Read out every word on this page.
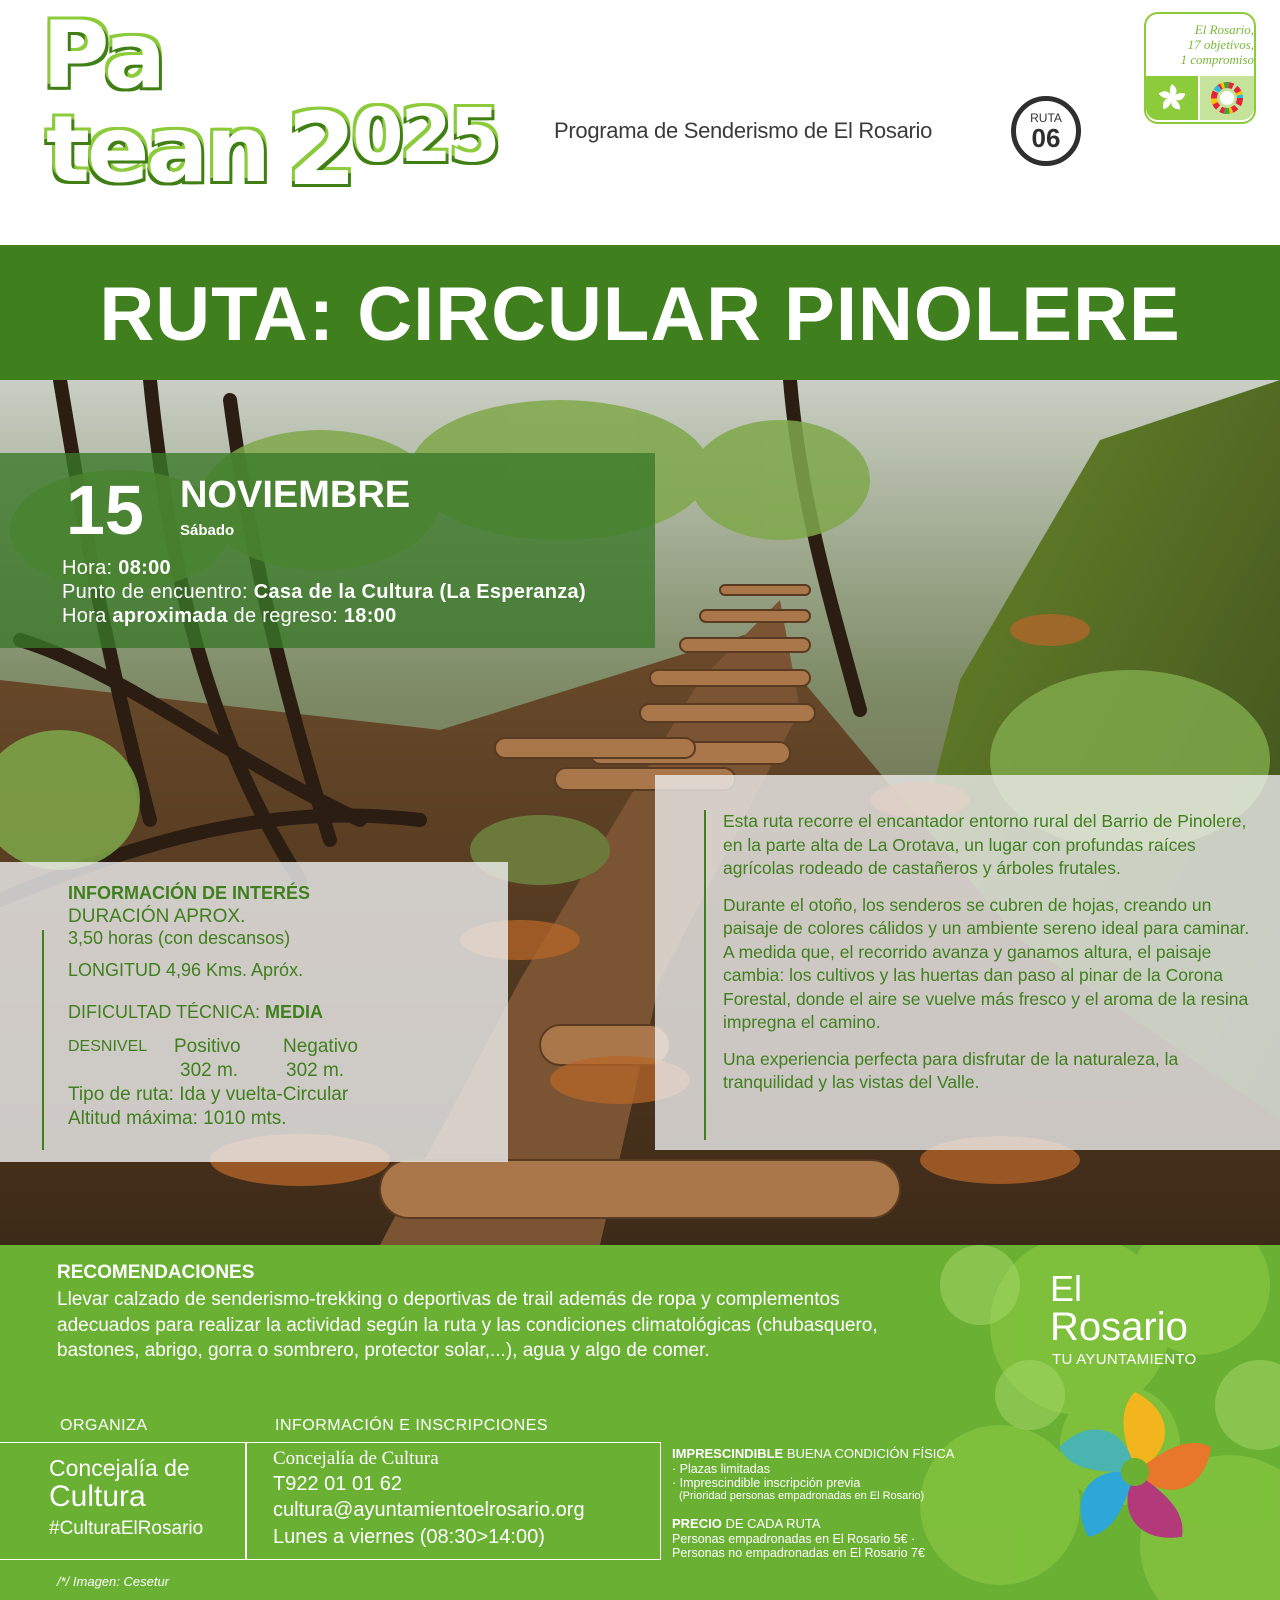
Pa
tean 2 025	Programa de Senderismo de El Rosario	RUTA
06
El Rosario,
17 objetivos,
1 compromiso
RUTA: CIRCULAR PINOLERE
15 NOVIEMBRE
Sábado
Hora: 08:00
Punto de encuentro: Casa de la Cultura (La Esperanza)
Hora aproximada de regreso: 18:00
INFORMACIÓN DE INTERÉS
DURACIÓN APROX.
3,50 horas (con descansos)
LONGITUD 4,96 Kms. Apróx.
DIFICULTAD TÉCNICA: MEDIA
DESNIVEL Positivo Negativo
302 m.	302 m.
Tipo de ruta: Ida y vuelta-Circular
Altitud máxima: 1010 mts.

Esta ruta recorre el encantador entorno rural del Barrio de Pinolere, en la parte alta de La Orotava, un lugar con profundas raíces agrícolas rodeado de castañeros y árboles frutales.

Durante el otoño, los senderos se cubren de hojas, creando un paisaje de colores cálidos y un ambiente sereno ideal para caminar. A medida que, el recorrido avanza y ganamos altura, el paisaje cambia: los cultivos y las huertas dan paso al pinar de la Corona Forestal, donde el aire se vuelve más fresco y el aroma de la resina impregna el camino.

Una experiencia perfecta para disfrutar de la naturaleza, la tranquilidad y las vistas del Valle.

RECOMENDACIONES
Llevar calzado de senderismo-trekking o deportivas de trail además de ropa y complementos adecuados para realizar la actividad según la ruta y las condiciones climatológicas (chubasquero, bastones, abrigo, gorra o sombrero, protector solar,...), agua y algo de comer.
ORGANIZA	INFORMACIÓN E INSCRIPCIONES
Concejalía de
Cultura
#CulturaElRosario
Concejalía de Cultura
T922 01 01 62
cultura@ayuntamientoelrosario.org
Lunes a viernes (08:30>14:00)
IMPRESCINDIBLE BUENA CONDICIÓN FÍSICA
· Plazas limitadas
· Imprescindible inscripción previa
(Prioridad personas empadronadas en El Rosario)
PRECIO DE CADA RUTA
Personas empadronadas en El Rosario 5€ ·
Personas no empadronadas en El Rosario 7€
/*/ Imagen: Cesetur
El
Rosario
TU AYUNTAMIENTO
